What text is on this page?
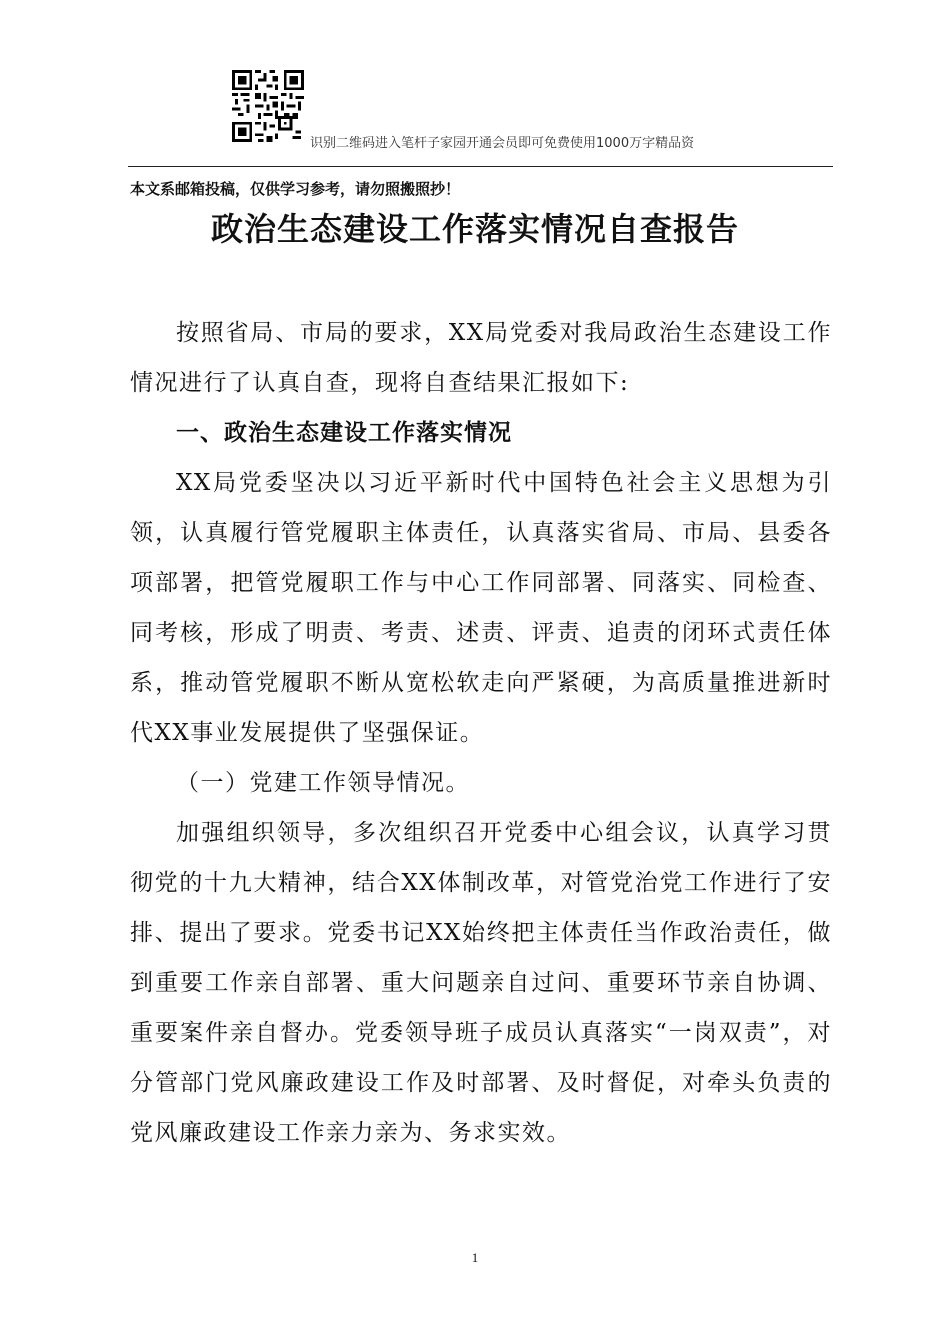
识别二维码进入笔杆子家园开通会员即可免费使用1000万字精品资
本文系邮箱投稿，仅供学习参考，请勿照搬照抄！
政治生态建设工作落实情况自查报告

按照省局、市局的要求，XX局党委对我局政治生态建设工作情况进行了认真自查，现将自查结果汇报如下:

一、政治生态建设工作落实情况

XX局党委坚决以习近平新时代中国特色社会主义思想为引领，认真履行管党履职主体责任，认真落实省局、市局、县委各项部署，把管党履职工作与中心工作同部署、同落实、同检查、同考核，形成了明责、考责、述责、评责、追责的闭环式责任体系，推动管党履职不断从宽松软走向严紧硬，为高质量推进新时代XX事业发展提供了坚强保证。

（一）党建工作领导情况。

加强组织领导，多次组织召开党委中心组会议，认真学习贯彻党的十九大精神，结合XX体制改革，对管党治党工作进行了安排、提出了要求。党委书记XX始终把主体责任当作政治责任，做到重要工作亲自部署、重大问题亲自过问、重要环节亲自协调、重要案件亲自督办。党委领导班子成员认真落实“一岗双责”，对分管部门党风廉政建设工作及时部署、及时督促，对牵头负责的党风廉政建设工作亲力亲为、务求实效。

1
